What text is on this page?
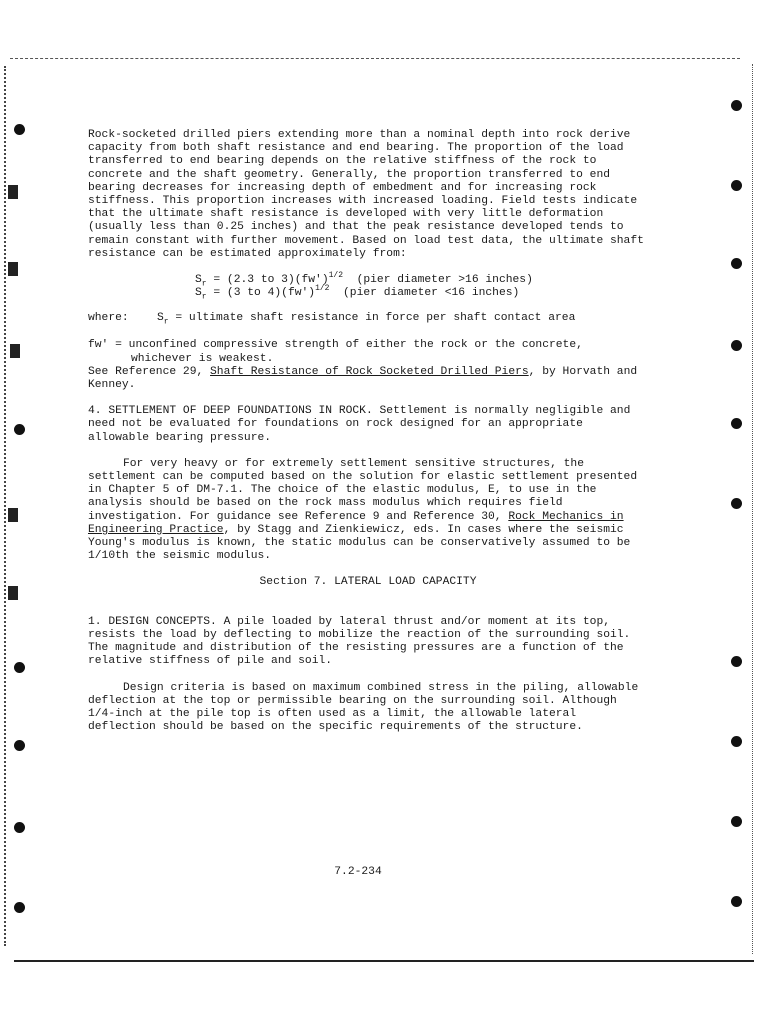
Rock-socketed drilled piers extending more than a nominal depth into rock derive capacity from both shaft resistance and end bearing. The proportion of the load transferred to end bearing depends on the relative stiffness of the rock to concrete and the shaft geometry. Generally, the proportion transferred to end bearing decreases for increasing depth of embedment and for increasing rock stiffness. This proportion increases with increased loading. Field tests indicate that the ultimate shaft resistance is developed with very little deformation (usually less than 0.25 inches) and that the peak resistance developed tends to remain constant with further movement. Based on load test data, the ultimate shaft resistance can be estimated approximately from:

$S_r = (2.3$ to $3)(fw')^{1/2}$  (pier diameter >16 inches)
$S_r = (3$ to $4)(fw')^{1/2}$  (pier diameter <16 inches)
where:	$S_r$ = ultimate shaft resistance in force per shaft contact area

fw' = unconfined compressive strength of either the rock or the concrete, whichever is weakest.

See Reference 29, Shaft Resistance of Rock Socketed Drilled Piers, by Horvath and Kenney.

4. SETTLEMENT OF DEEP FOUNDATIONS IN ROCK. Settlement is normally negligible and need not be evaluated for foundations on rock designed for an appropriate allowable bearing pressure.

For very heavy or for extremely settlement sensitive structures, the settlement can be computed based on the solution for elastic settlement presented in Chapter 5 of DM-7.1. The choice of the elastic modulus, E, to use in the analysis should be based on the rock mass modulus which requires field investigation. For guidance see Reference 9 and Reference 30, Rock Mechanics in Engineering Practice, by Stagg and Zienkiewicz, eds. In cases where the seismic Young's modulus is known, the static modulus can be conservatively assumed to be 1/10th the seismic modulus.

Section 7. LATERAL LOAD CAPACITY

1. DESIGN CONCEPTS. A pile loaded by lateral thrust and/or moment at its top, resists the load by deflecting to mobilize the reaction of the surrounding soil. The magnitude and distribution of the resisting pressures are a function of the relative stiffness of pile and soil.

Design criteria is based on maximum combined stress in the piling, allowable deflection at the top or permissible bearing on the surrounding soil. Although 1/4-inch at the pile top is often used as a limit, the allowable lateral deflection should be based on the specific requirements of the structure.

7.2-234
